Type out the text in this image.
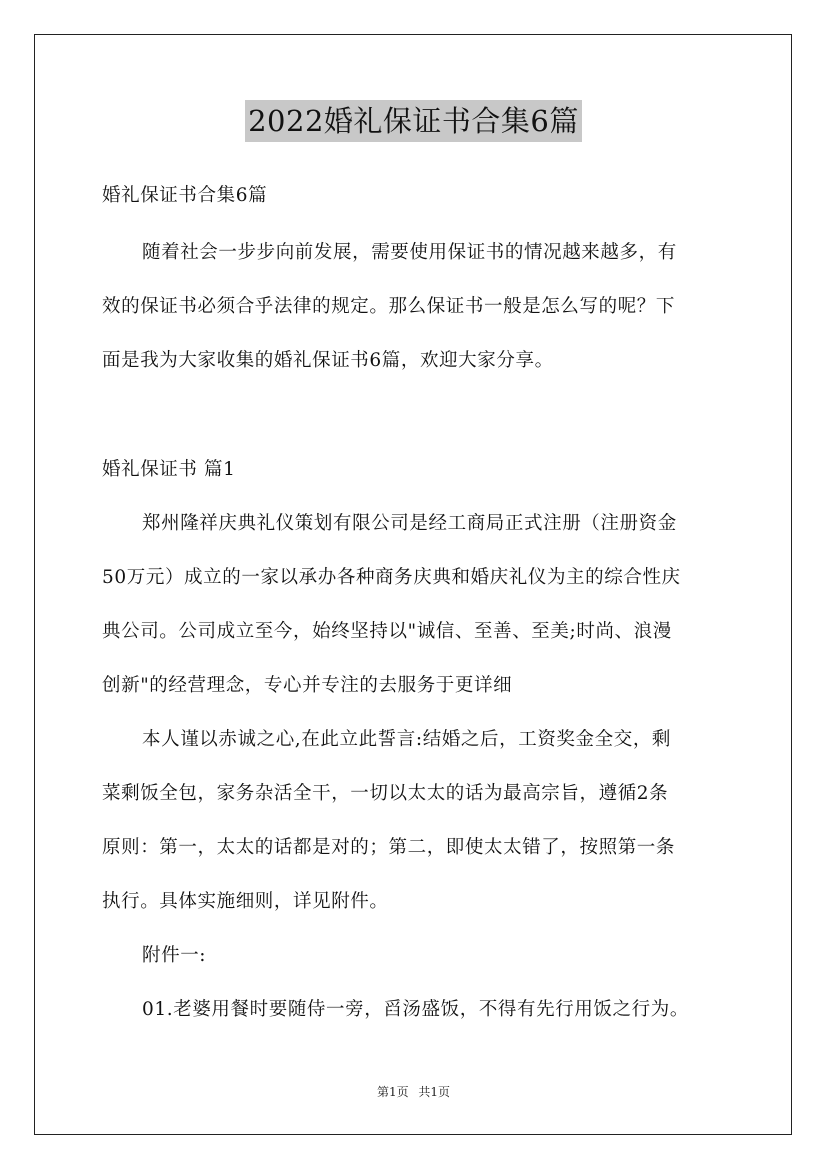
2022婚礼保证书合集6篇
婚礼保证书合集6篇
随着社会一步步向前发展，需要使用保证书的情况越来越多，有
效的保证书必须合乎法律的规定。那么保证书一般是怎么写的呢？下
面是我为大家收集的婚礼保证书6篇，欢迎大家分享。
婚礼保证书 篇1
郑州隆祥庆典礼仪策划有限公司是经工商局正式注册（注册资金
50万元）成立的一家以承办各种商务庆典和婚庆礼仪为主的综合性庆
典公司。公司成立至今，始终坚持以"诚信、至善、至美;时尚、浪漫
创新"的经营理念，专心并专注的去服务于更详细
本人谨以赤诚之心,在此立此誓言:结婚之后，工资奖金全交，剩
菜剩饭全包，家务杂活全干，一切以太太的话为最高宗旨，遵循2条
原则：第一，太太的话都是对的；第二，即使太太错了，按照第一条
执行。具体实施细则，详见附件。
附件一:
01.老婆用餐时要随侍一旁，舀汤盛饭，不得有先行用饭之行为。
第1页 共1页
